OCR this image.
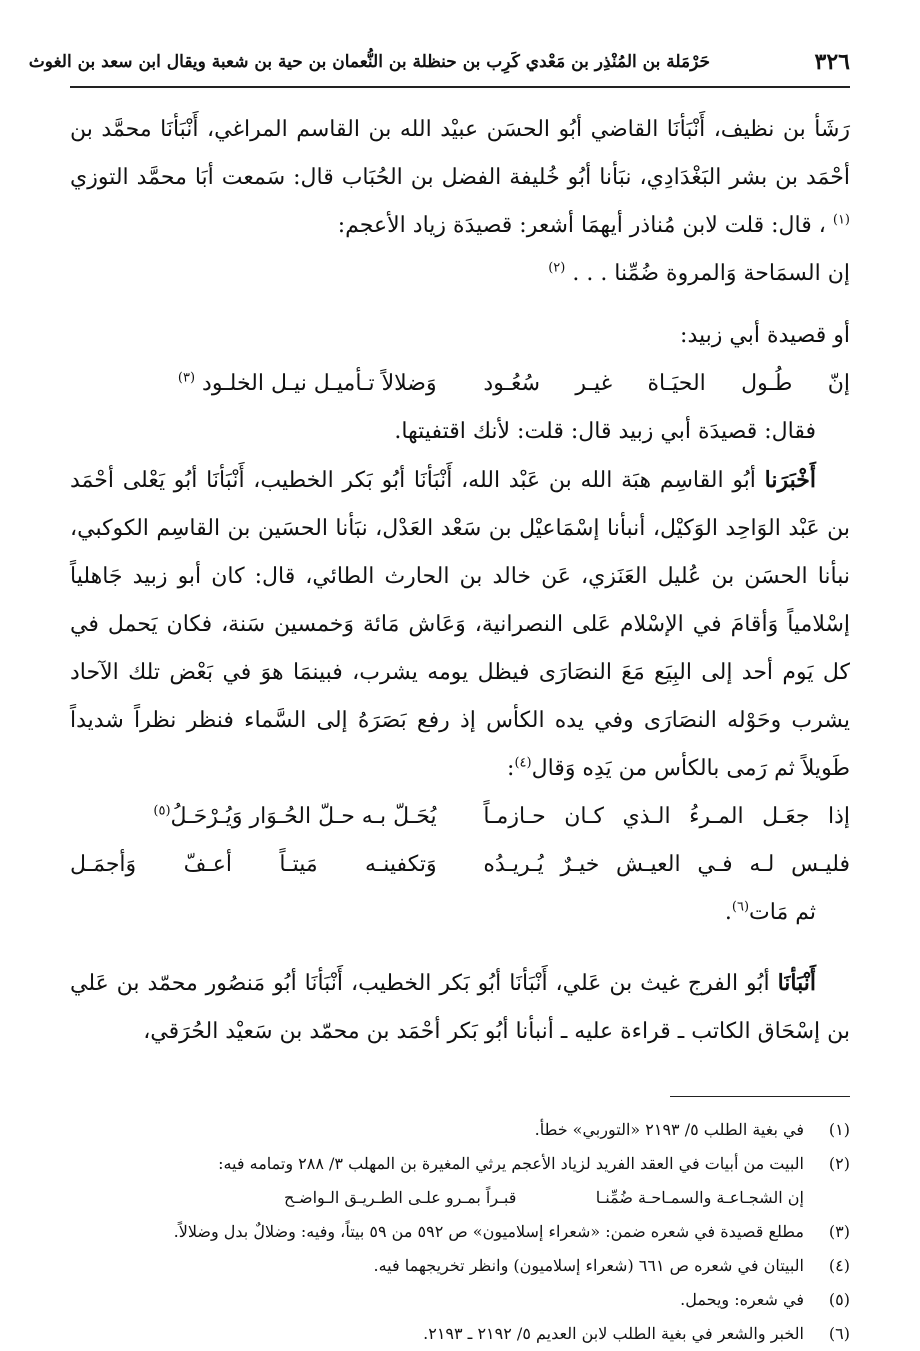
٣٢٦
حَرْمَلة بن المُنْذِر بن مَعْدي كَرِب بن حنظلة بن النُّعمان بن حية بن شعبة ويقال ابن سعد بن الغوث

رَشَأ بن نظيف، أَنْبَأنَا القاضي أبُو الحسَن عبيْد الله بن القاسم المراغي، أَنْبَأنَا محمَّد بن أحْمَد بن بشر البَغْدَادِي، نبَأنا أبُو خُليفة الفضل بن الحُبَاب قال: سَمعت أبَا محمَّد التوزي $^{(١)}$ ، قال: قلت لابن مُناذر أيهمَا أشعر: قصيدَة زياد الأعجم:

إن السمَاحة وَالمروة ضُمِّنا . . . $^{(٢)}$

أو قصيدة أبي زبيد:

إنّ طُـول الحيَـاة غيـر سُعُـود
وَضلالاً تـأميـل نيـل الخلـود $^{(٣)}$

فقال: قصيدَة أبي زبيد قال: قلت: لأنك اقتفيتها.

أَخْبَرَنا أبُو القاسِم هبَة الله بن عَبْد الله، أَنْبَأنَا أبُو بَكر الخطيب، أَنْبَأنَا أبُو يَعْلى أحْمَد بن عَبْد الوَاحِد الوَكيْل، أنبأنا إسْمَاعيْل بن سَعْد العَدْل، نبَأنا الحسَين بن القاسِم الكوكبي، نبأنا الحسَن بن عُليل العَنَزي، عَن خالد بن الحارث الطائي، قال: كان أبو زبيد جَاهلياً إسْلامياً وَأقامَ في الإسْلام عَلى النصرانية، وَعَاش مَائة وَخمسين سَنة، فكان يَحمل في كل يَوم أحد إلى البِيَع مَعَ النصَارَى فيظل يومه يشرب، فبينمَا هوَ في بَعْض تلك الآحاد يشرب وحَوْله النصَارَى وفي يده الكأس إذ رفع بَصَرَهُ إلى السَّماء فنظر نظراً شديداً طَويلاً ثم رَمى بالكأس من يَدِه وَقال$^{(٤)}$:

إذا جعَـل المـرءُ الـذي كـان حـازمـاً
يُحَـلّ بـه حـلّ الحُـوَار وَيُـرْحَـلُ$^{(٥)}$
فليـس لـه فـي العيـش خيـرٌ يُـريـدُه
وَتكفينـه مَيتـاً أعـفّ وَأجمَـل

ثم مَات$^{(٦)}$.

أَنْبَأنَا أبُو الفرج غيث بن عَلي، أَنْبَأنَا أبُو بَكر الخطيب، أَنْبَأنَا أبُو مَنصُور محمّد بن عَلي بن إسْحَاق الكاتب ـ قراءة عليه ـ أنبأنا أبُو بَكر أحْمَد بن محمّد بن سَعيْد الحُرَقي،

(١)
في بغية الطلب ٥/ ٢١٩٣ «التوربي» خطأ.
(٢)
البيت من أبيات في العقد الفريد لزياد الأعجم يرثي المغيرة بن المهلب ٣/ ٢٨٨ وتمامه فيه:
إن الشجـاعـة والسمـاحـة ضُمِّنـا
قبـراً بمـرو علـى الطـريـق الـواضـح
(٣)
مطلع قصيدة في شعره ضمن: «شعراء إسلاميون» ص ٥٩٢ من ٥٩ بيتاً، وفيه: وضلالٌ بدل وضلالاً.
(٤)
البيتان في شعره ص ٦٦١ (شعراء إسلاميون) وانظر تخريجهما فيه.
(٥)
في شعره: ويحمل.
(٦)
الخبر والشعر في بغية الطلب لابن العديم ٥/ ٢١٩٢ ـ ٢١٩٣.
